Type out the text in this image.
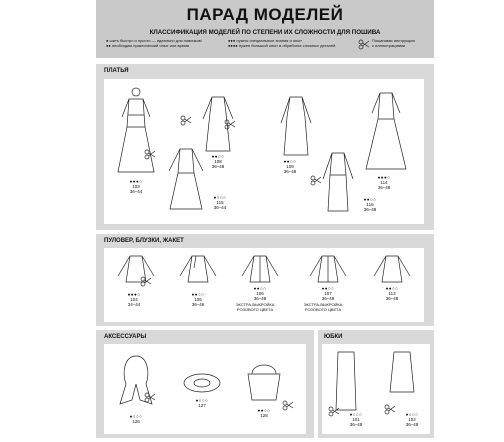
ПАРАД МОДЕЛЕЙ
КЛАССИФИКАЦИЯ МОДЕЛЕЙ ПО СТЕПЕНИ ИХ СЛОЖНОСТИ ДЛЯ ПОШИВА
● шить быстро и просто — идеально для новичков!
●● необходим практический опыт или время
●●● нужны специальные знания и опыт
●●●● нужен большой опыт в обработке сложных деталей
Пошаговая инструкция
с иллюстрациями
ПЛАТЬЯ
●●●○
103
36–44
●●○○
108
36–48
●●○○
109
36–48
●●●○
114
36–48
●○○○
115
36–44
●●○○
116
36–48
ПУЛОВЕР, БЛУЗКИ, ЖАКЕТ
●●●○
104
34–44
●●○○
105
36–46
●●○○
106
36–48
ЭКСТРА-ВЫКРОЙКА РОЗОВОГО ЦВЕТА
●●○○
107
36–48
ЭКСТРА-ВЫКРОЙКА РОЗОВОГО ЦВЕТА
●●○○
113
36–48
АКСЕССУАРЫ
●○○○
126
●○○○
127
●●○○
128
ЮБКИ
●○○○
101
36–48
●○○○
102
36–48
